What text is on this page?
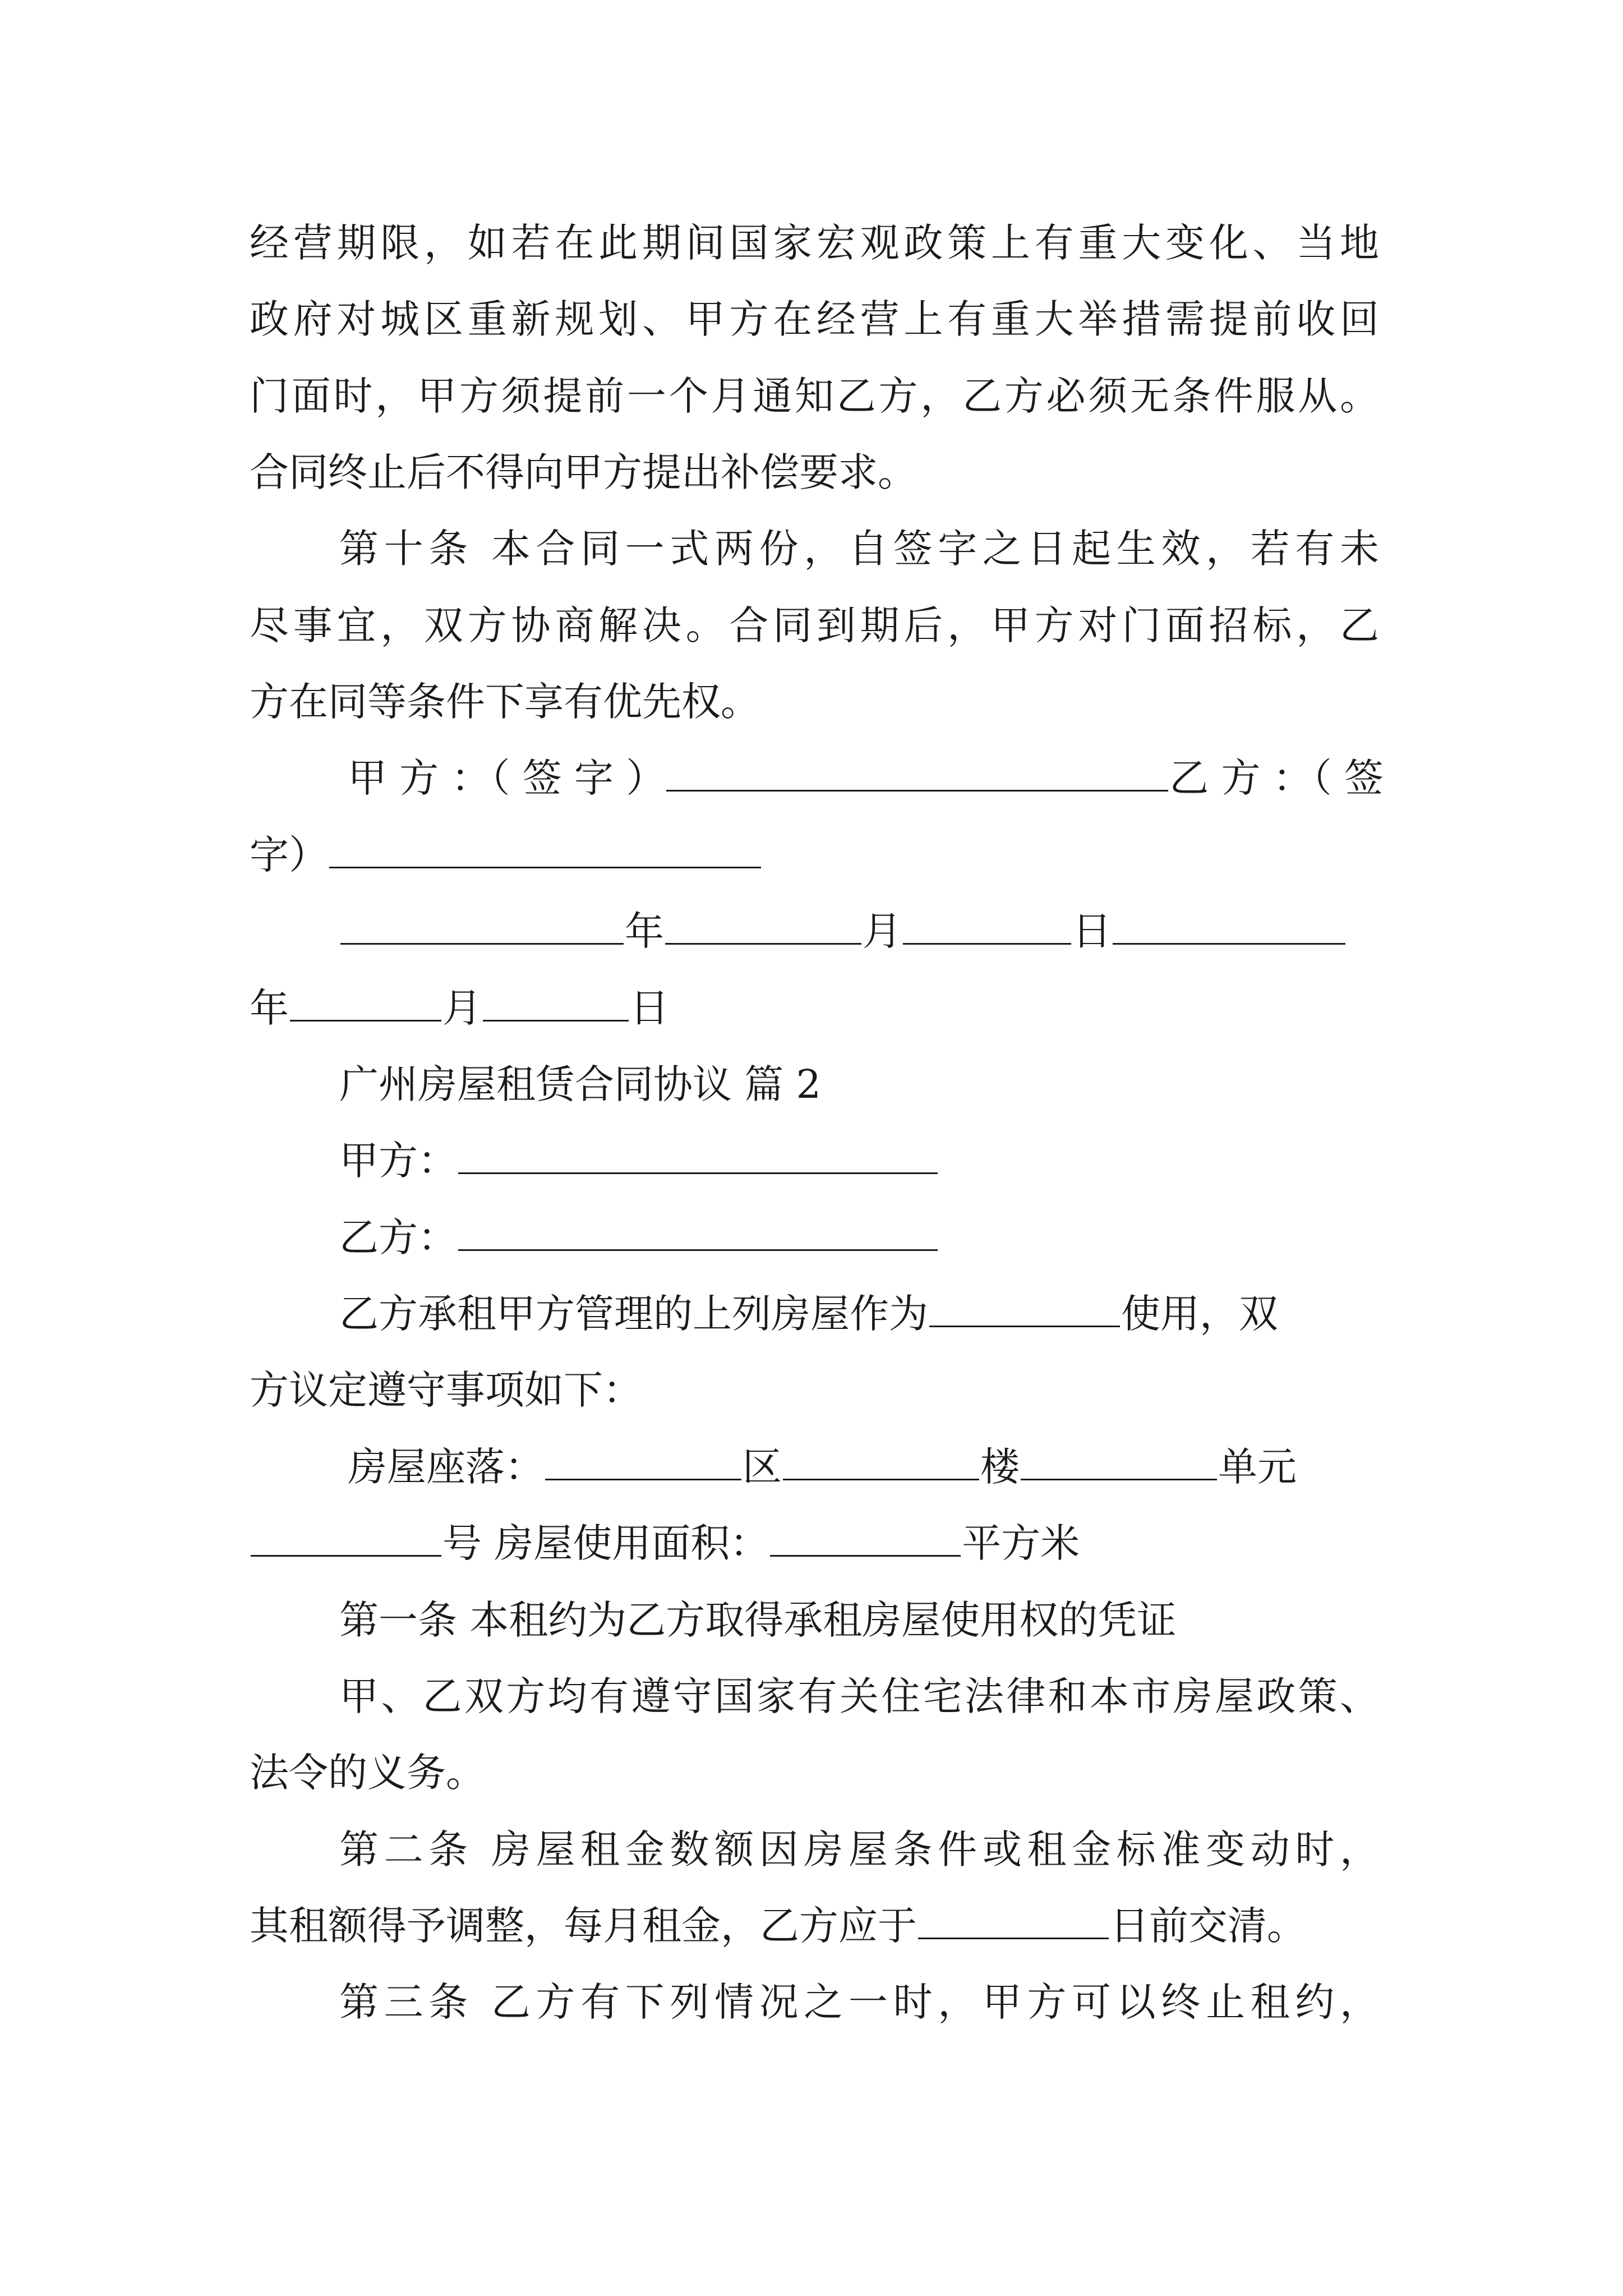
经营期限，如若在此期间国家宏观政策上有重大变化、当地
政府对城区重新规划、甲方在经营上有重大举措需提前收回
门面时，甲方须提前一个月通知乙方，乙方必须无条件服从。
合同终止后不得向甲方提出补偿要求。
第十条 本合同一式两份，自签字之日起生效，若有未
尽事宜，双方协商解决。合同到期后，甲方对门面招标，乙
方在同等条件下享有优先权。
甲 方 ：（ 签 字 ）	乙 方 ：（ 签
字）
年	月	日
年	月	日
广州房屋租赁合同协议 篇 2
甲方：
乙方：
乙方承租甲方管理的上列房屋作为	使用，双
方议定遵守事项如下：
房屋座落：	区	楼	单元
号 房屋使用面积：	平方米
第一条 本租约为乙方取得承租房屋使用权的凭证
甲、乙双方均有遵守国家有关住宅法律和本市房屋政策、
法令的义务。
第二条 房屋租金数额因房屋条件或租金标准变动时，
其租额得予调整，每月租金，乙方应于	日前交清。
第三条 乙方有下列情况之一时，甲方可以终止租约，
